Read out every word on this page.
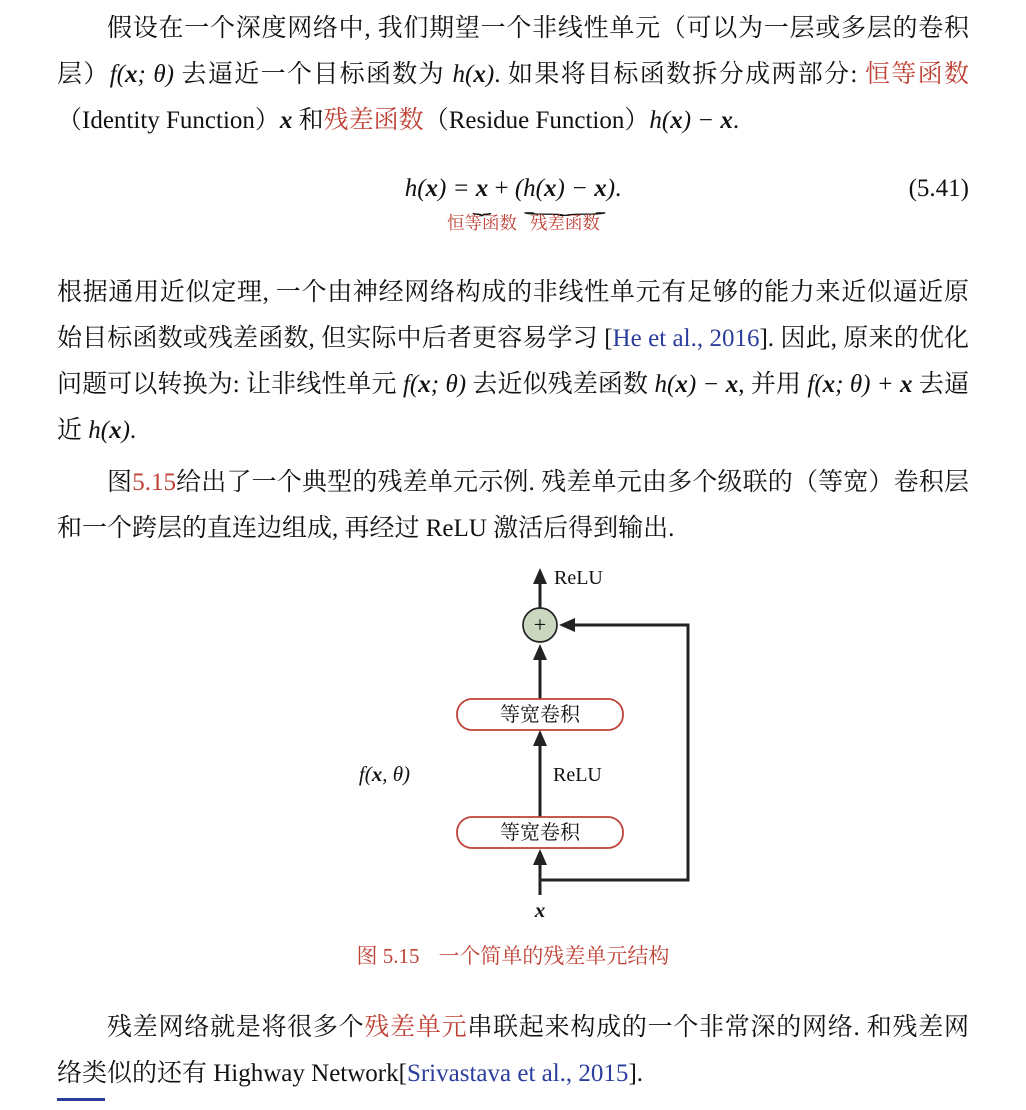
假设在一个深度网络中, 我们期望一个非线性单元（可以为一层或多层的卷积层）f(x; θ) 去逼近一个目标函数为 h(x). 如果将目标函数拆分成两部分: 恒等函数（Identity Function）x 和残差函数（Residue Function）h(x) − x.

h(x) = x
⏟
恒等函数
+ (h(x) − x)
⏟
残差函数
.	(5.41)

根据通用近似定理, 一个由神经网络构成的非线性单元有足够的能力来近似逼近原始目标函数或残差函数, 但实际中后者更容易学习 [He et al., 2016]. 因此, 原来的优化问题可以转换为: 让非线性单元 f(x; θ) 去近似残差函数 h(x) − x, 并用 f(x; θ) + x 去逼近 h(x).

图5.15给出了一个典型的残差单元示例. 残差单元由多个级联的（等宽）卷积层和一个跨层的直连边组成, 再经过 ReLU 激活后得到输出.

ReLU
+
等宽卷积
ReLU
f(x, θ)
等宽卷积
x
图 5.15 一个简单的残差单元结构

残差网络就是将很多个残差单元串联起来构成的一个非常深的网络. 和残差网络类似的还有 Highway Network[Srivastava et al., 2015].
